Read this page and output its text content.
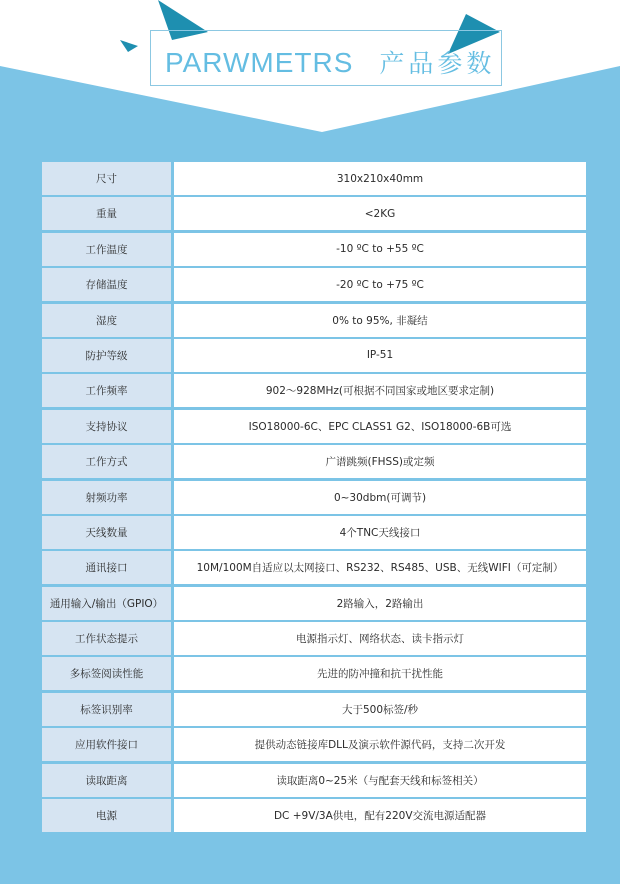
PARWMETRS 产品参数
尺寸	310x210x40mm
重量	<2KG
工作温度	-10 ºC to +55 ºC
存储温度	-20 ºC to +75 ºC
湿度	0% to 95%, 非凝结
防护等级	IP-51
工作频率	902～928MHz(可根据不同国家或地区要求定制)
支持协议	ISO18000-6C、EPC CLASS1 G2、ISO18000-6B可选
工作方式	广谱跳频(FHSS)或定频
射频功率	0~30dbm(可调节)
天线数量	4个TNC天线接口
通讯接口	10M/100M自适应以太网接口、RS232、RS485、USB、无线WIFI（可定制）
通用输入/输出（GPIO）	2路输入，2路输出
工作状态提示	电源指示灯、网络状态、读卡指示灯
多标签阅读性能	先进的防冲撞和抗干扰性能
标签识别率	大于500标签/秒
应用软件接口	提供动态链接库DLL及演示软件源代码，支持二次开发
读取距离	读取距离0~25米（与配套天线和标签相关）
电源	DC +9V/3A供电，配有220V交流电源适配器
